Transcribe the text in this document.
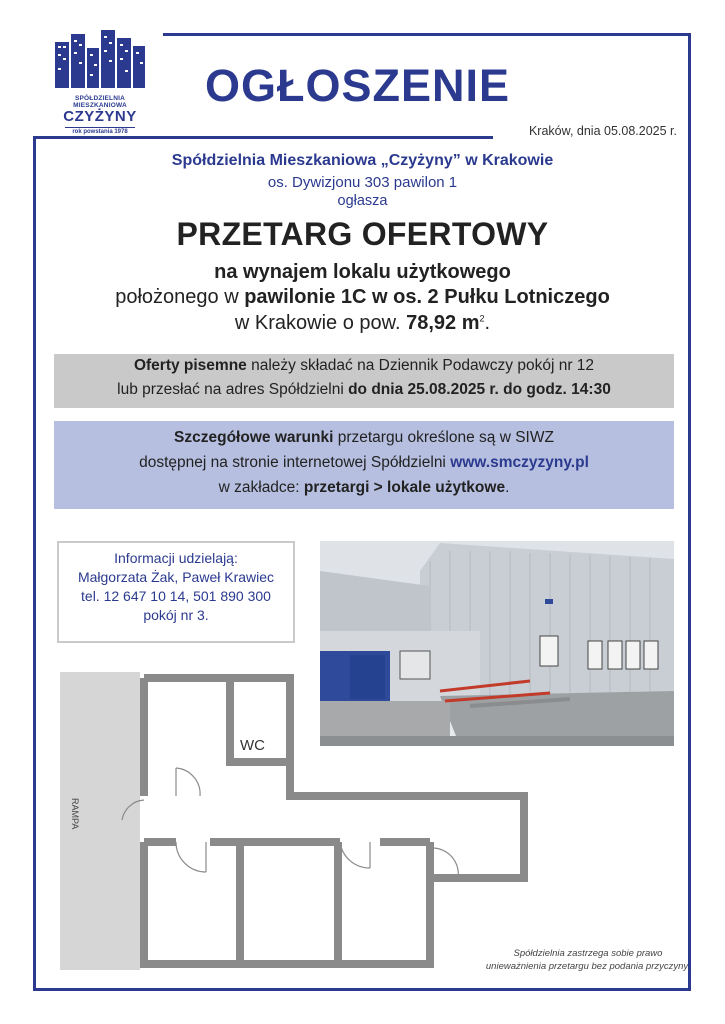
SPÓŁDZIELNIA MIESZKANIOWA
CZYŻYNY
rok powstania 1978
OGŁOSZENIE
Kraków, dnia 05.08.2025 r.
Spółdzielnia Mieszkaniowa „Czyżyny” w Krakowie
os. Dywizjonu 303 pawilon 1
ogłasza
PRZETARG OFERTOWY
na wynajem lokalu użytkowego
położonego w pawilonie 1C w os. 2 Pułku Lotniczego
w Krakowie o pow. 78,92 $m^2$.
Oferty pisemne należy składać na Dziennik Podawczy pokój nr 12
lub przesłać na adres Spółdzielni do dnia 25.08.2025 r. do godz. 14:30
Szczegółowe warunki przetargu określone są w SIWZ
dostępnej na stronie internetowej Spółdzielni www.smczyzyny.pl
w zakładce: przetargi > lokale użytkowe.
Informacji udzielają:
Małgorzata Żak, Paweł Krawiec
tel. 12 647 10 14, 501 890 300
pokój nr 3.
WC
RAMPA
Spółdzielnia zastrzega sobie prawo
unieważnienia przetargu bez podania przyczyny.
